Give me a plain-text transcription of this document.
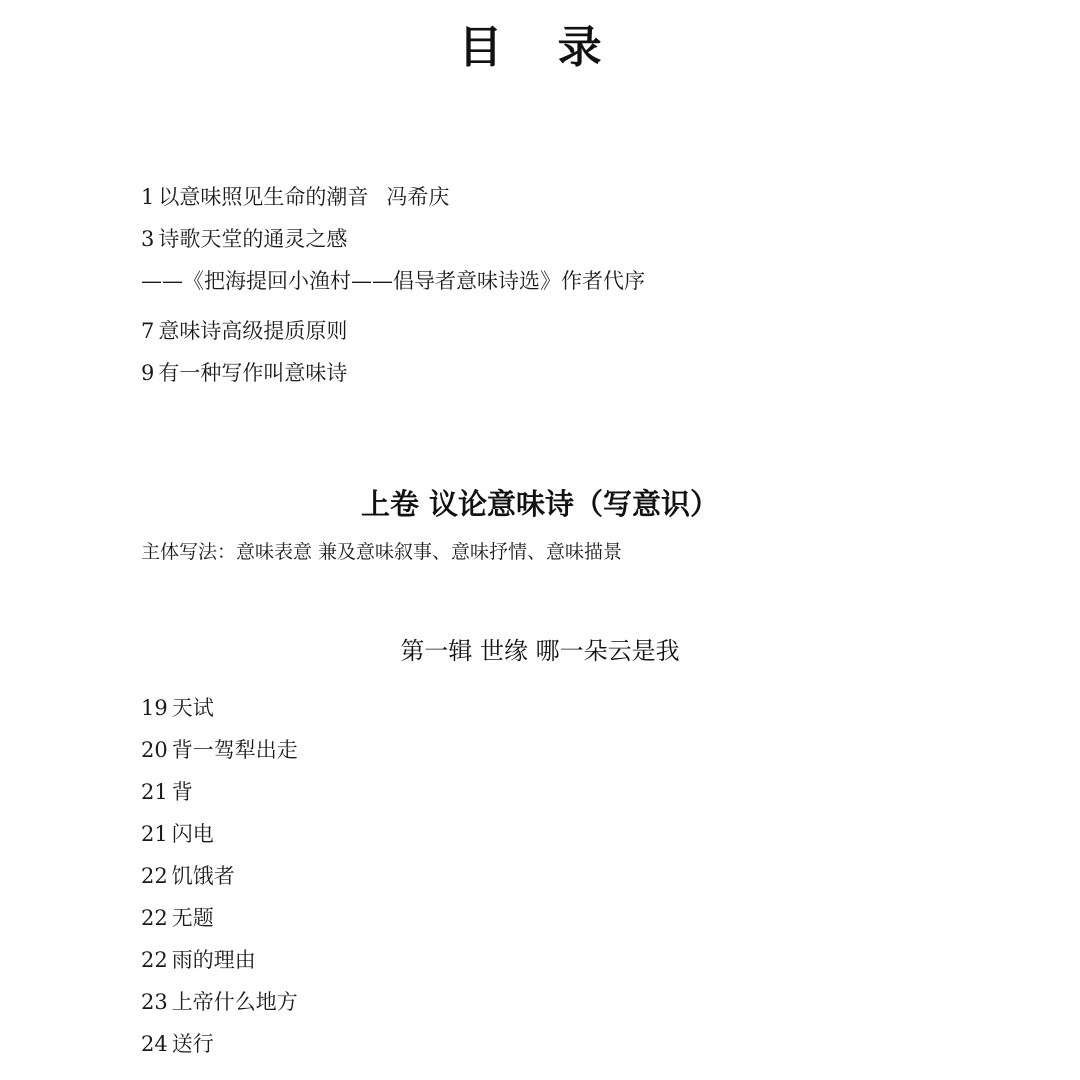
目 录
1 以意味照见生命的潮音 冯希庆
3 诗歌天堂的通灵之感
——《把海提回小渔村——倡导者意味诗选》作者代序
7 意味诗高级提质原则
9 有一种写作叫意味诗
上卷 议论意味诗（写意识）
主体写法：意味表意 兼及意味叙事、意味抒情、意味描景
第一辑 世缘 哪一朵云是我
19 天试
20 背一驾犁出走
21 背
21 闪电
22 饥饿者
22 无题
22 雨的理由
23 上帝什么地方
24 送行
